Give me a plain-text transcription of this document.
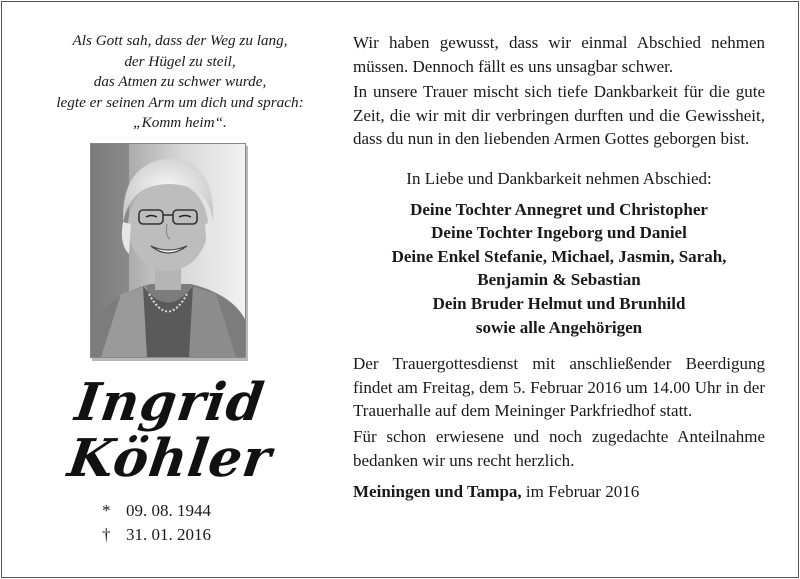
Als Gott sah, dass der Weg zu lang,
der Hügel zu steil,
das Atmen zu schwer wurde,
legte er seinen Arm um dich und sprach:
„Komm heim“.
Ingrid
Köhler
* 09. 08. 1944
† 31. 01. 2016

Wir haben gewusst, dass wir einmal Abschied nehmen müssen. Dennoch fällt es uns unsagbar schwer.

In unsere Trauer mischt sich tiefe Dankbarkeit für die gute Zeit, die wir mit dir verbringen durften und die Gewissheit, dass du nun in den liebenden Armen Gottes geborgen bist.

In Liebe und Dankbarkeit nehmen Abschied:
Deine Tochter Annegret und Christopher
Deine Tochter Ingeborg und Daniel
Deine Enkel Stefanie, Michael, Jasmin, Sarah,
Benjamin & Sebastian
Dein Bruder Helmut und Brunhild
sowie alle Angehörigen

Der Trauergottesdienst mit anschließender Beerdigung findet am Freitag, dem 5. Februar 2016 um 14.00 Uhr in der Trauerhalle auf dem Meininger Parkfriedhof statt.

Für schon erwiesene und noch zugedachte Anteilnahme bedanken wir uns recht herzlich.

Meiningen und Tampa, im Februar 2016
